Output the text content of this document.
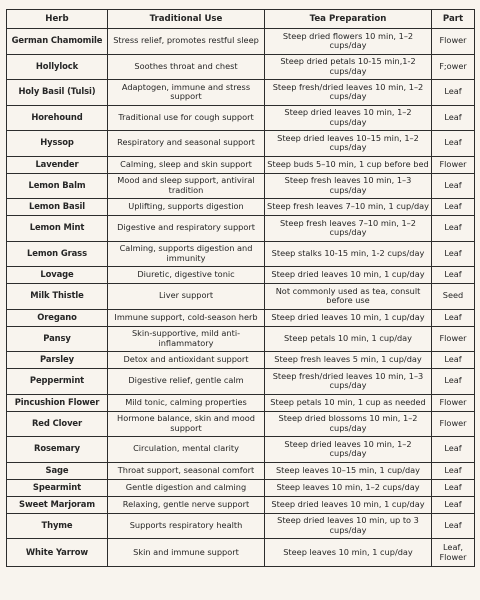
Herb	Traditional Use	Tea Preparation	Part
German Chamomile	Stress relief, promotes restful sleep	Steep dried flowers 10 min, 1–2 cups/day	Flower
Hollylock	Soothes throat and chest	Steep dried petals 10-15 min,1-2 cups/day	F;ower
Holy Basil (Tulsi)	Adaptogen, immune and stress support	Steep fresh/dried leaves 10 min, 1–2 cups/day	Leaf
Horehound	Traditional use for cough support	Steep dried leaves 10 min, 1–2 cups/day	Leaf
Hyssop	Respiratory and seasonal support	Steep dried leaves 10–15 min, 1–2 cups/day	Leaf
Lavender	Calming, sleep and skin support	Steep buds 5–10 min, 1 cup before bed	Flower
Lemon Balm	Mood and sleep support, antiviral tradition	Steep fresh leaves 10 min, 1–3 cups/day	Leaf
Lemon Basil	Uplifting, supports digestion	Steep fresh leaves 7–10 min, 1 cup/day	Leaf
Lemon Mint	Digestive and respiratory support	Steep fresh leaves 7–10 min, 1–2 cups/day	Leaf
Lemon Grass	Calming, supports digestion and immunity	Steep stalks 10-15 min, 1-2 cups/day	Leaf
Lovage	Diuretic, digestive tonic	Steep dried leaves 10 min, 1 cup/day	Leaf
Milk Thistle	Liver support	Not commonly used as tea, consult before use	Seed
Oregano	Immune support, cold-season herb	Steep dried leaves 10 min, 1 cup/day	Leaf
Pansy	Skin-supportive, mild anti-inflammatory	Steep petals 10 min, 1 cup/day	Flower
Parsley	Detox and antioxidant support	Steep fresh leaves 5 min, 1 cup/day	Leaf
Peppermint	Digestive relief, gentle calm	Steep fresh/dried leaves 10 min, 1–3 cups/day	Leaf
Pincushion Flower	Mild tonic, calming properties	Steep petals 10 min, 1 cup as needed	Flower
Red Clover	Hormone balance, skin and mood support	Steep dried blossoms 10 min, 1–2 cups/day	Flower
Rosemary	Circulation, mental clarity	Steep dried leaves 10 min, 1–2 cups/day	Leaf
Sage	Throat support, seasonal comfort	Steep leaves 10–15 min, 1 cup/day	Leaf
Spearmint	Gentle digestion and calming	Steep leaves 10 min, 1–2 cups/day	Leaf
Sweet Marjoram	Relaxing, gentle nerve support	Steep dried leaves 10 min, 1 cup/day	Leaf
Thyme	Supports respiratory health	Steep dried leaves 10 min, up to 3 cups/day	Leaf
White Yarrow	Skin and immune support	Steep leaves 10 min, 1 cup/day	Leaf, Flower
